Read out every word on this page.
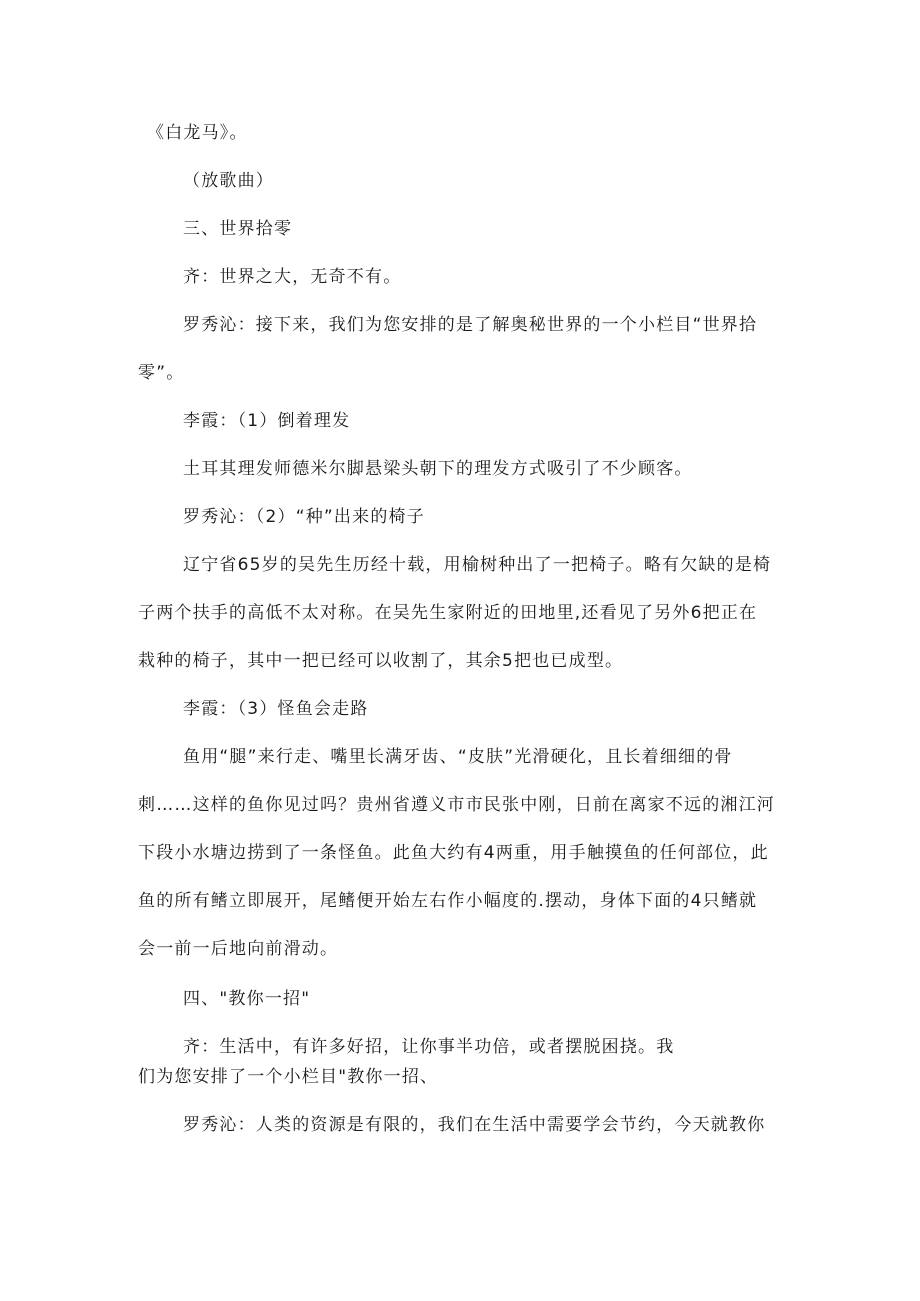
《白龙马》。
（放歌曲）
三、世界拾零
齐：世界之大，无奇不有。
罗秀沁：接下来，我们为您安排的是了解奥秘世界的一个小栏目“世界拾
零”。
李霞：（1）倒着理发
土耳其理发师德米尔脚悬梁头朝下的理发方式吸引了不少顾客。
罗秀沁：（2）“种”出来的椅子
辽宁省65岁的吴先生历经十载，用榆树种出了一把椅子。略有欠缺的是椅
子两个扶手的高低不太对称。在吴先生家附近的田地里,还看见了另外6把正在
栽种的椅子，其中一把已经可以收割了，其余5把也已成型。
李霞：（3）怪鱼会走路
鱼用“腿”来行走、嘴里长满牙齿、“皮肤”光滑硬化，且长着细细的骨
刺……这样的鱼你见过吗？贵州省遵义市市民张中刚，日前在离家不远的湘江河
下段小水塘边捞到了一条怪鱼。此鱼大约有4两重，用手触摸鱼的任何部位，此
鱼的所有鳍立即展开，尾鳍便开始左右作小幅度的.摆动，身体下面的4只鳍就
会一前一后地向前滑动。
四、"教你一招"
齐：生活中，有许多好招，让你事半功倍，或者摆脱困挠。我
们为您安排了一个小栏目"教你一招、
罗秀沁：人类的资源是有限的，我们在生活中需要学会节约，今天就教你
